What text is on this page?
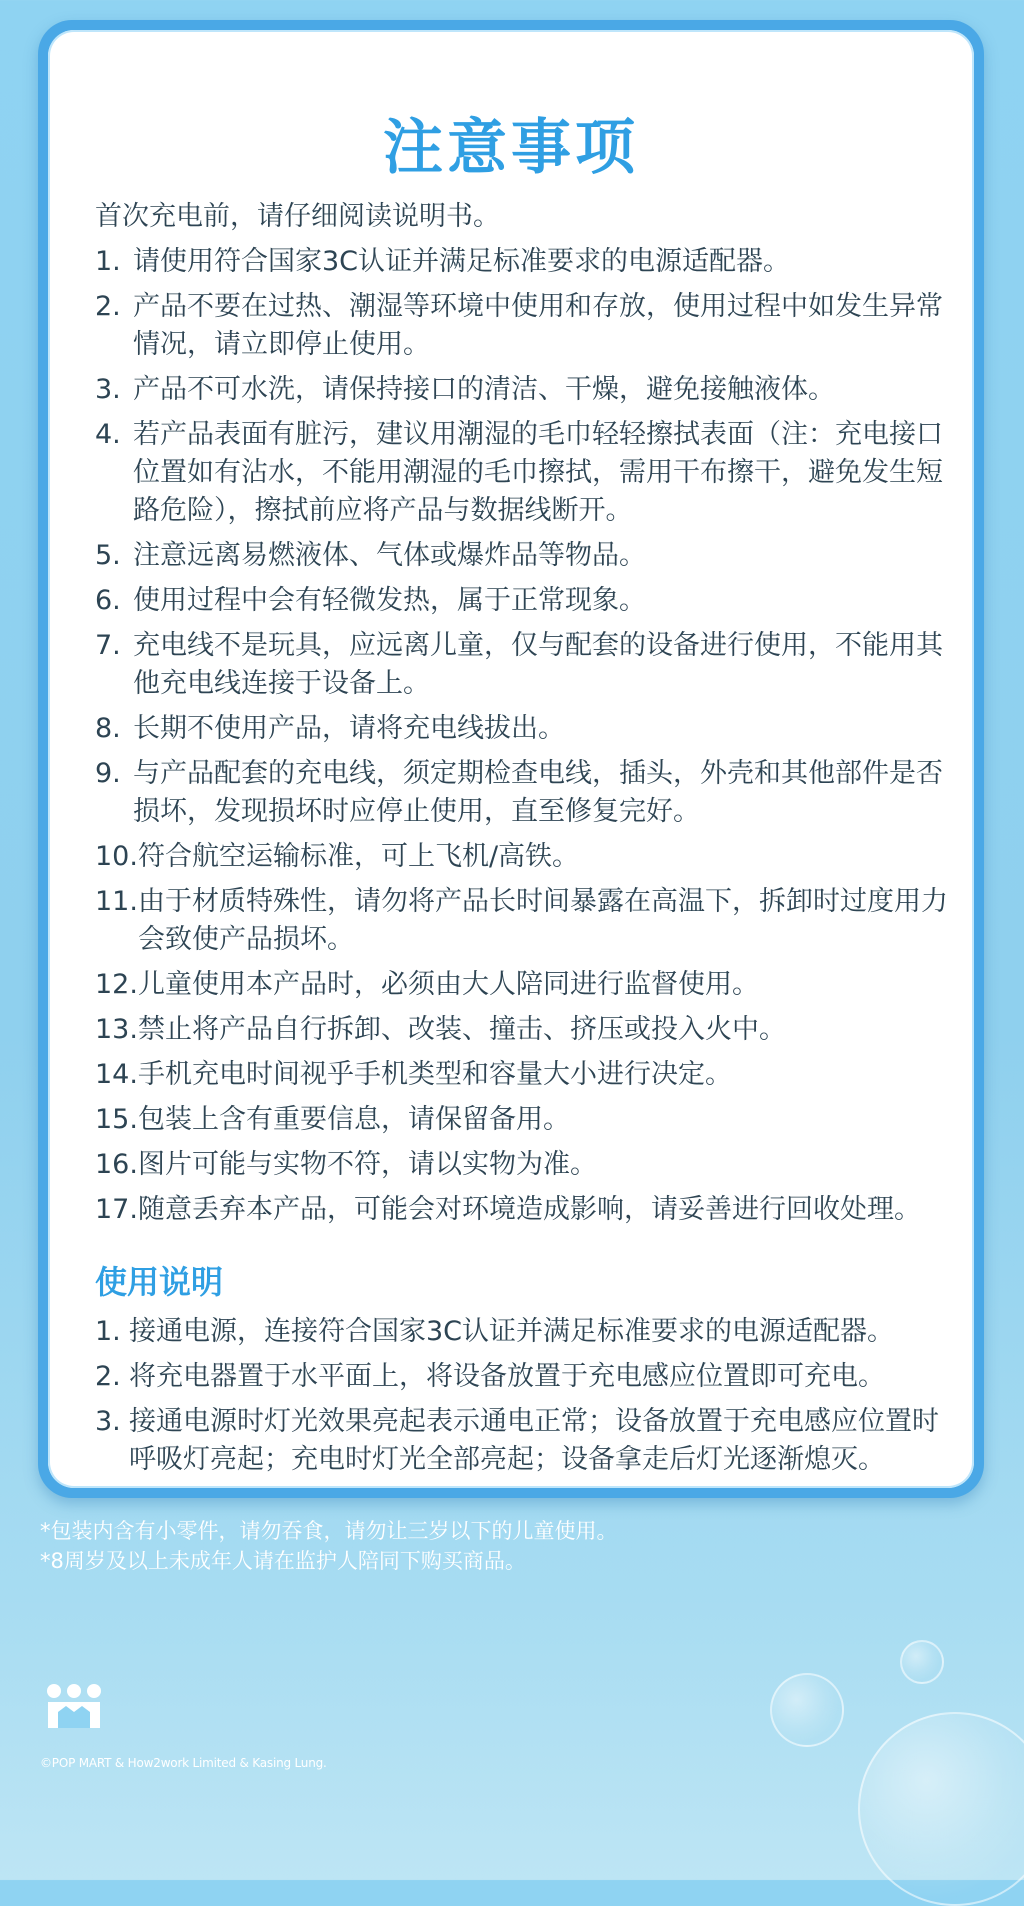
注意事项
首次充电前，请仔细阅读说明书。
1. 请使用符合国家3C认证并满足标准要求的电源适配器。
2. 产品不要在过热、潮湿等环境中使用和存放，使用过程中如发生异常情况，请立即停止使用。
3. 产品不可水洗，请保持接口的清洁、干燥，避免接触液体。
4. 若产品表面有脏污，建议用潮湿的毛巾轻轻擦拭表面（注：充电接口位置如有沾水，不能用潮湿的毛巾擦拭，需用干布擦干，避免发生短路危险），擦拭前应将产品与数据线断开。
5. 注意远离易燃液体、气体或爆炸品等物品。
6. 使用过程中会有轻微发热，属于正常现象。
7. 充电线不是玩具，应远离儿童，仅与配套的设备进行使用，不能用其他充电线连接于设备上。
8. 长期不使用产品，请将充电线拔出。
9. 与产品配套的充电线，须定期检查电线，插头，外壳和其他部件是否损坏，发现损坏时应停止使用，直至修复完好。
10. 符合航空运输标准，可上飞机/高铁。
11. 由于材质特殊性，请勿将产品长时间暴露在高温下，拆卸时过度用力会致使产品损坏。
12. 儿童使用本产品时，必须由大人陪同进行监督使用。
13. 禁止将产品自行拆卸、改装、撞击、挤压或投入火中。
14. 手机充电时间视乎手机类型和容量大小进行决定。
15. 包装上含有重要信息，请保留备用。
16. 图片可能与实物不符，请以实物为准。
17. 随意丢弃本产品，可能会对环境造成影响，请妥善进行回收处理。
使用说明
1. 接通电源，连接符合国家3C认证并满足标准要求的电源适配器。
2. 将充电器置于水平面上，将设备放置于充电感应位置即可充电。
3. 接通电源时灯光效果亮起表示通电正常；设备放置于充电感应位置时呼吸灯亮起；充电时灯光全部亮起；设备拿走后灯光逐渐熄灭。
*包装内含有小零件，请勿吞食，请勿让三岁以下的儿童使用。
*8周岁及以上未成年人请在监护人陪同下购买商品。
©POP MART & How2work Limited & Kasing Lung.
